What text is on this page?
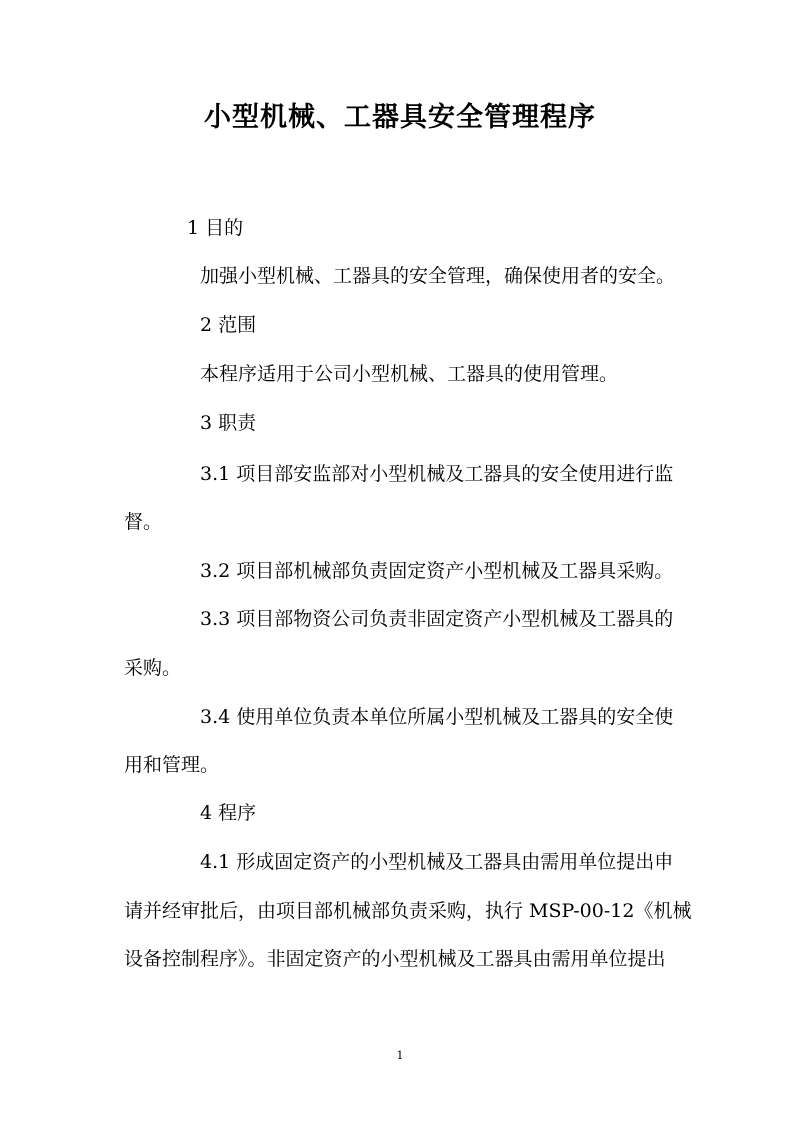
小型机械、工器具安全管理程序
1 目的
加强小型机械、工器具的安全管理，确保使用者的安全。
2 范围
本程序适用于公司小型机械、工器具的使用管理。
3 职责
3.1 项目部安监部对小型机械及工器具的安全使用进行监
督。
3.2 项目部机械部负责固定资产小型机械及工器具采购。
3.3 项目部物资公司负责非固定资产小型机械及工器具的
采购。
3.4 使用单位负责本单位所属小型机械及工器具的安全使
用和管理。
4 程序
4.1 形成固定资产的小型机械及工器具由需用单位提出申
请并经审批后，由项目部机械部负责采购，执行 MSP-00-12《机械
设备控制程序》。非固定资产的小型机械及工器具由需用单位提出
1
